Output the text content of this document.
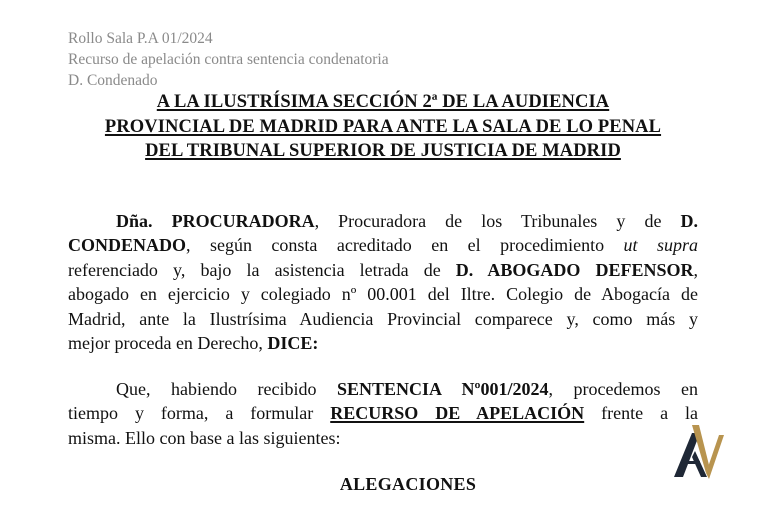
Rollo Sala P.A 01/2024
Recurso de apelación contra sentencia condenatoria
D. Condenado
A LA ILUSTRÍSIMA SECCIÓN 2ª DE LA AUDIENCIA
PROVINCIAL DE MADRID PARA ANTE LA SALA DE LO PENAL
DEL TRIBUNAL SUPERIOR DE JUSTICIA DE MADRID
Dña. PROCURADORA, Procuradora de los Tribunales y de D.
CONDENADO, según consta acreditado en el procedimiento ut supra
referenciado y, bajo la asistencia letrada de D. ABOGADO DEFENSOR,
abogado en ejercicio y colegiado nº 00.001 del Iltre. Colegio de Abogacía de
Madrid, ante la Ilustrísima Audiencia Provincial comparece y, como más y
mejor proceda en Derecho, DICE:
Que, habiendo recibido SENTENCIA Nº001/2024, procedemos en
tiempo y forma, a formular RECURSO DE APELACIÓN frente a la
misma. Ello con base a las siguientes:
ALEGACIONES
